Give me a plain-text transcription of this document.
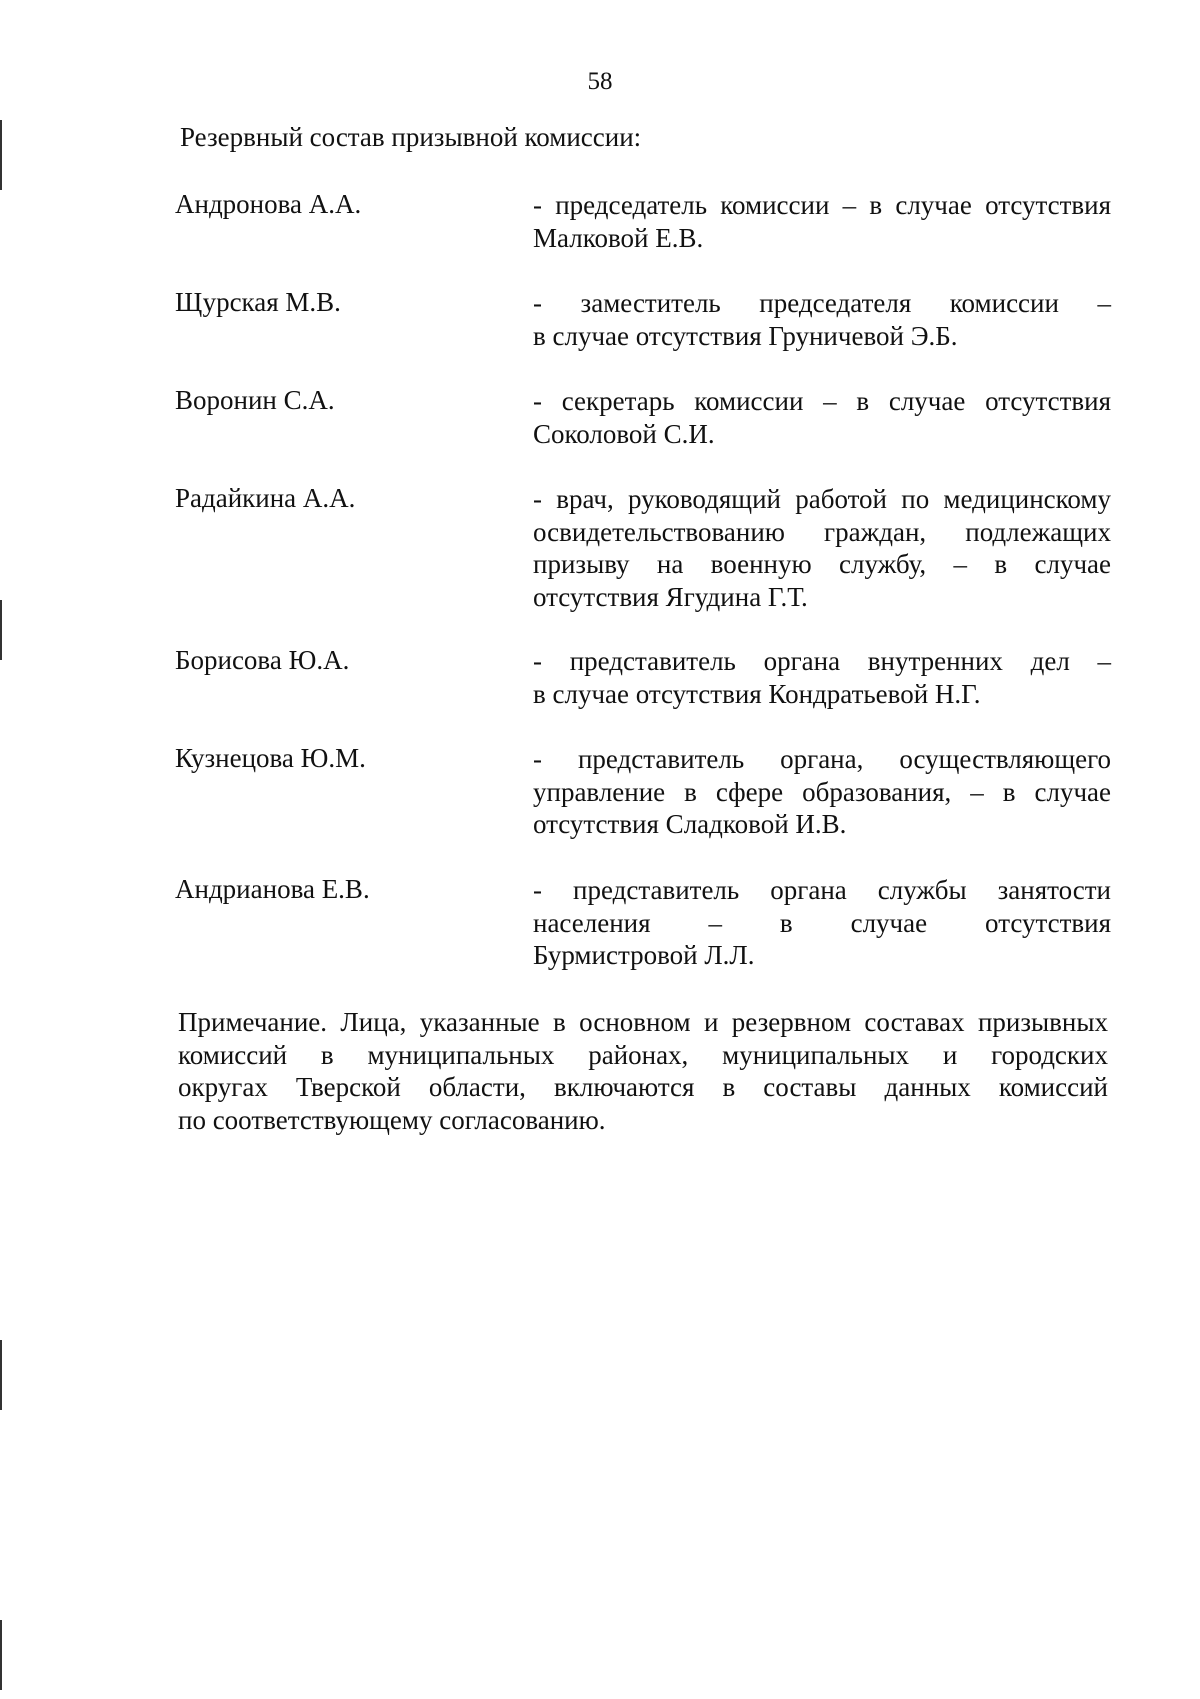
58
Резервный состав призывной комиссии:
Андронова А.А.	- председатель комиссии – в случае отсутствия
Малковой Е.В.
Щурская М.В.	- заместитель председателя комиссии –
в случае отсутствия Груничевой Э.Б.
Воронин С.А.	- секретарь комиссии – в случае отсутствия
Соколовой С.И.
Радайкина А.А.	- врач, руководящий работой по медицинскому
освидетельствованию граждан, подлежащих
призыву на военную службу, – в случае
отсутствия Ягудина Г.Т.
Борисова Ю.А.	- представитель органа внутренних дел –
в случае отсутствия Кондратьевой Н.Г.
Кузнецова Ю.М.	- представитель органа, осуществляющего
управление в сфере образования, – в случае
отсутствия Сладковой И.В.
Андрианова Е.В.	- представитель органа службы занятости
населения – в случае отсутствия
Бурмистровой Л.Л.
Примечание. Лица, указанные в основном и резервном составах призывных
комиссий в муниципальных районах, муниципальных и городских
округах Тверской области, включаются в составы данных комиссий
по соответствующему согласованию.
